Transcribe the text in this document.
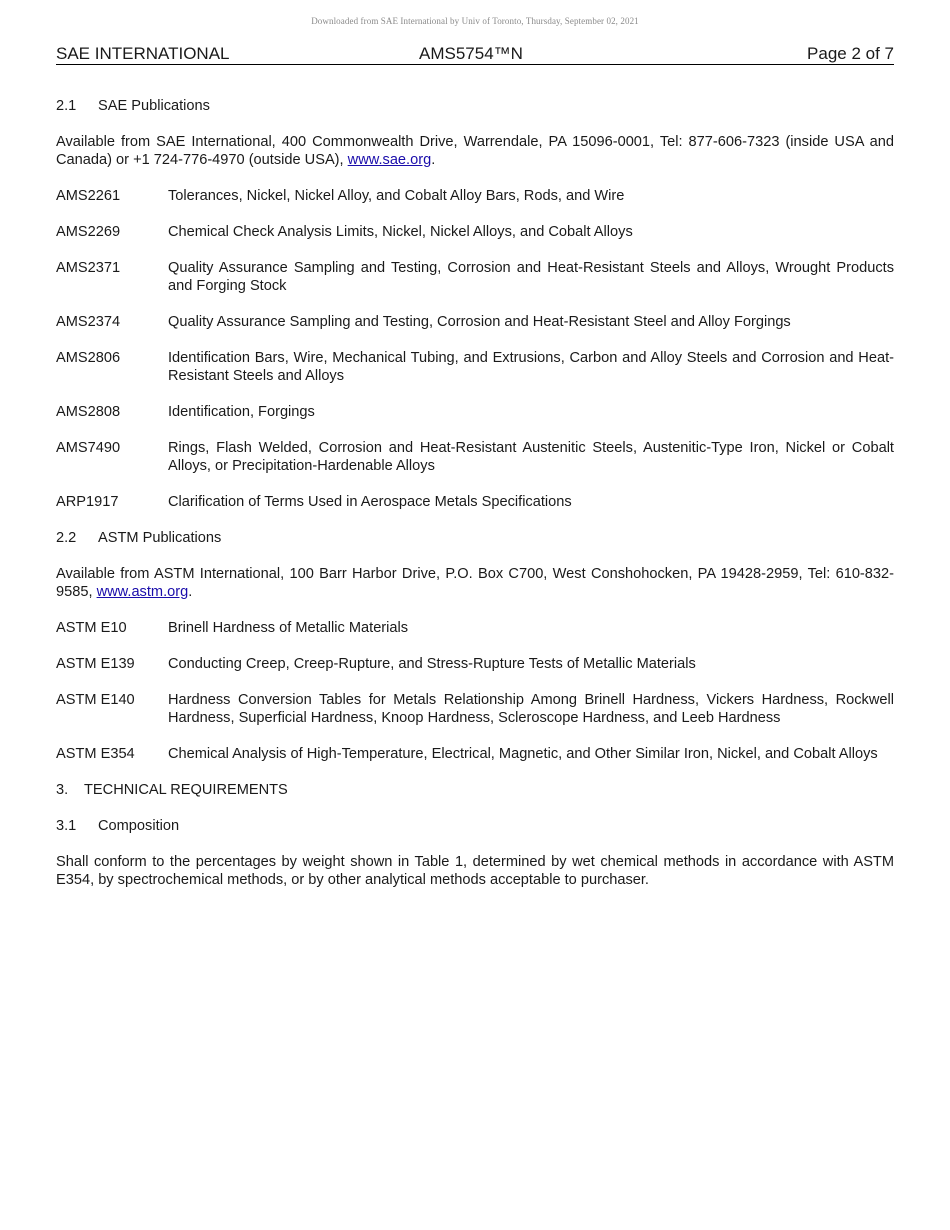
Downloaded from SAE International by Univ of Toronto, Thursday, September 02, 2021
SAE INTERNATIONAL	AMS5754™N	Page 2 of 7
2.1	SAE Publications
Available from SAE International, 400 Commonwealth Drive, Warrendale, PA 15096-0001, Tel: 877-606-7323 (inside USA and Canada) or +1 724-776-4970 (outside USA), www.sae.org.
AMS2261	Tolerances, Nickel, Nickel Alloy, and Cobalt Alloy Bars, Rods, and Wire
AMS2269	Chemical Check Analysis Limits, Nickel, Nickel Alloys, and Cobalt Alloys
AMS2371	Quality Assurance Sampling and Testing, Corrosion and Heat-Resistant Steels and Alloys, Wrought Products and Forging Stock
AMS2374	Quality Assurance Sampling and Testing, Corrosion and Heat-Resistant Steel and Alloy Forgings
AMS2806	Identification Bars, Wire, Mechanical Tubing, and Extrusions, Carbon and Alloy Steels and Corrosion and Heat-Resistant Steels and Alloys
AMS2808	Identification, Forgings
AMS7490	Rings, Flash Welded, Corrosion and Heat-Resistant Austenitic Steels, Austenitic-Type Iron, Nickel or Cobalt Alloys, or Precipitation-Hardenable Alloys
ARP1917	Clarification of Terms Used in Aerospace Metals Specifications
2.2	ASTM Publications
Available from ASTM International, 100 Barr Harbor Drive, P.O. Box C700, West Conshohocken, PA 19428-2959, Tel: 610-832-9585, www.astm.org.
ASTM E10	Brinell Hardness of Metallic Materials
ASTM E139	Conducting Creep, Creep-Rupture, and Stress-Rupture Tests of Metallic Materials
ASTM E140	Hardness Conversion Tables for Metals Relationship Among Brinell Hardness, Vickers Hardness, Rockwell Hardness, Superficial Hardness, Knoop Hardness, Scleroscope Hardness, and Leeb Hardness
ASTM E354	Chemical Analysis of High-Temperature, Electrical, Magnetic, and Other Similar Iron, Nickel, and Cobalt Alloys
3.	TECHNICAL REQUIREMENTS
3.1	Composition
Shall conform to the percentages by weight shown in Table 1, determined by wet chemical methods in accordance with ASTM E354, by spectrochemical methods, or by other analytical methods acceptable to purchaser.
